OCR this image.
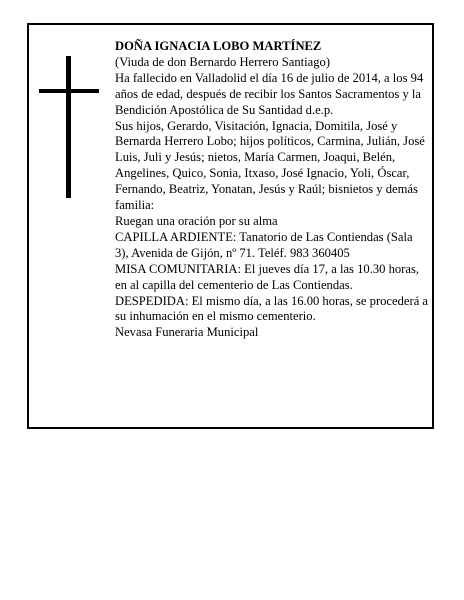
DOÑA IGNACIA LOBO MARTÍNEZ

(Viuda de don Bernardo Herrero Santiago)

Ha fallecido en Valladolid el día 16 de julio de 2014, a los 94 años de edad, después de recibir los Santos Sacramentos y la Bendición Apostólica de Su Santidad d.e.p.

Sus hijos, Gerardo, Visitación, Ignacia, Domitila, José y Bernarda Herrero Lobo; hijos políticos, Carmina, Julián, José Luis, Juli y Jesús; nietos, María Carmen, Joaqui, Belén, Angelines, Quico, Sonia, Itxaso, José Ignacio, Yoli, Óscar, Fernando, Beatriz, Yonatan, Jesús y Raúl; bisnietos y demás familia:

Ruegan una oración por su alma

CAPILLA ARDIENTE: Tanatorio de Las Contiendas (Sala 3), Avenida de Gijón, nº 71. Teléf. 983 360405

MISA COMUNITARIA: El jueves día 17, a las 10.30 horas, en al capilla del cementerio de Las Contiendas.

DESPEDIDA: El mismo día, a las 16.00 horas, se procederá a su inhumación en el mismo cementerio.

Nevasa Funeraria Municipal
